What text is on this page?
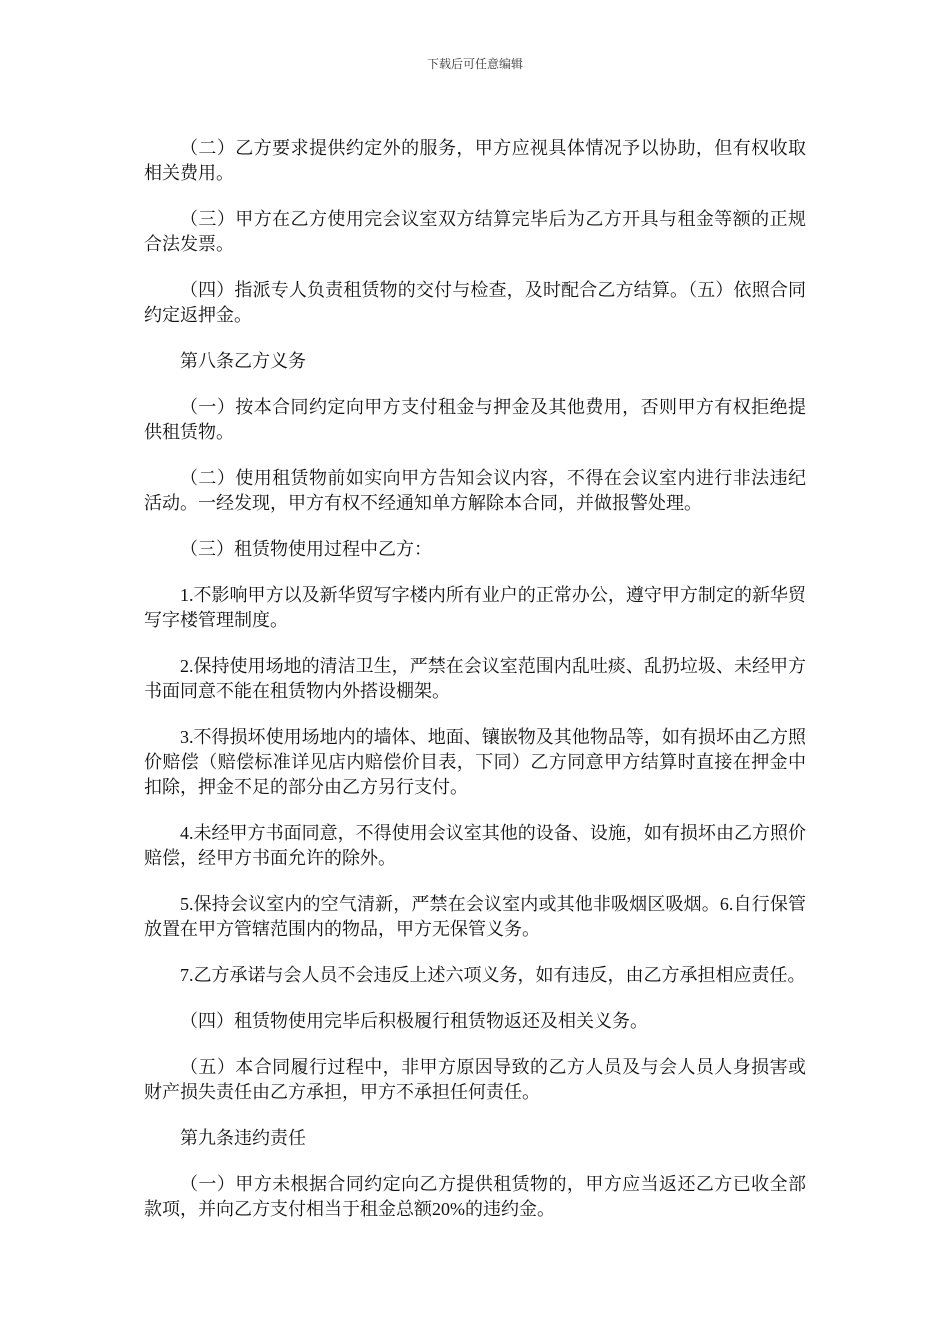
下载后可任意编辑

（二）乙方要求提供约定外的服务，甲方应视具体情况予以协助，但有权收取相关费用。

（三）甲方在乙方使用完会议室双方结算完毕后为乙方开具与租金等额的正规合法发票。

（四）指派专人负责租赁物的交付与检查，及时配合乙方结算。（五）依照合同约定返押金。

第八条乙方义务

（一）按本合同约定向甲方支付租金与押金及其他费用，否则甲方有权拒绝提供租赁物。

（二）使用租赁物前如实向甲方告知会议内容，不得在会议室内进行非法违纪活动。一经发现，甲方有权不经通知单方解除本合同，并做报警处理。

（三）租赁物使用过程中乙方：

1.不影响甲方以及新华贸写字楼内所有业户的正常办公，遵守甲方制定的新华贸写字楼管理制度。

2.保持使用场地的清洁卫生，严禁在会议室范围内乱吐痰、乱扔垃圾、未经甲方书面同意不能在租赁物内外搭设棚架。

3.不得损坏使用场地内的墙体、地面、镶嵌物及其他物品等，如有损坏由乙方照价赔偿（赔偿标准详见店内赔偿价目表，下同）乙方同意甲方结算时直接在押金中扣除，押金不足的部分由乙方另行支付。

4.未经甲方书面同意，不得使用会议室其他的设备、设施，如有损坏由乙方照价赔偿，经甲方书面允许的除外。

5.保持会议室内的空气清新，严禁在会议室内或其他非吸烟区吸烟。6.自行保管放置在甲方管辖范围内的物品，甲方无保管义务。

7.乙方承诺与会人员不会违反上述六项义务，如有违反，由乙方承担相应责任。

（四）租赁物使用完毕后积极履行租赁物返还及相关义务。

（五）本合同履行过程中，非甲方原因导致的乙方人员及与会人员人身损害或财产损失责任由乙方承担，甲方不承担任何责任。

第九条违约责任

（一）甲方未根据合同约定向乙方提供租赁物的，甲方应当返还乙方已收全部款项，并向乙方支付相当于租金总额20%的违约金。
